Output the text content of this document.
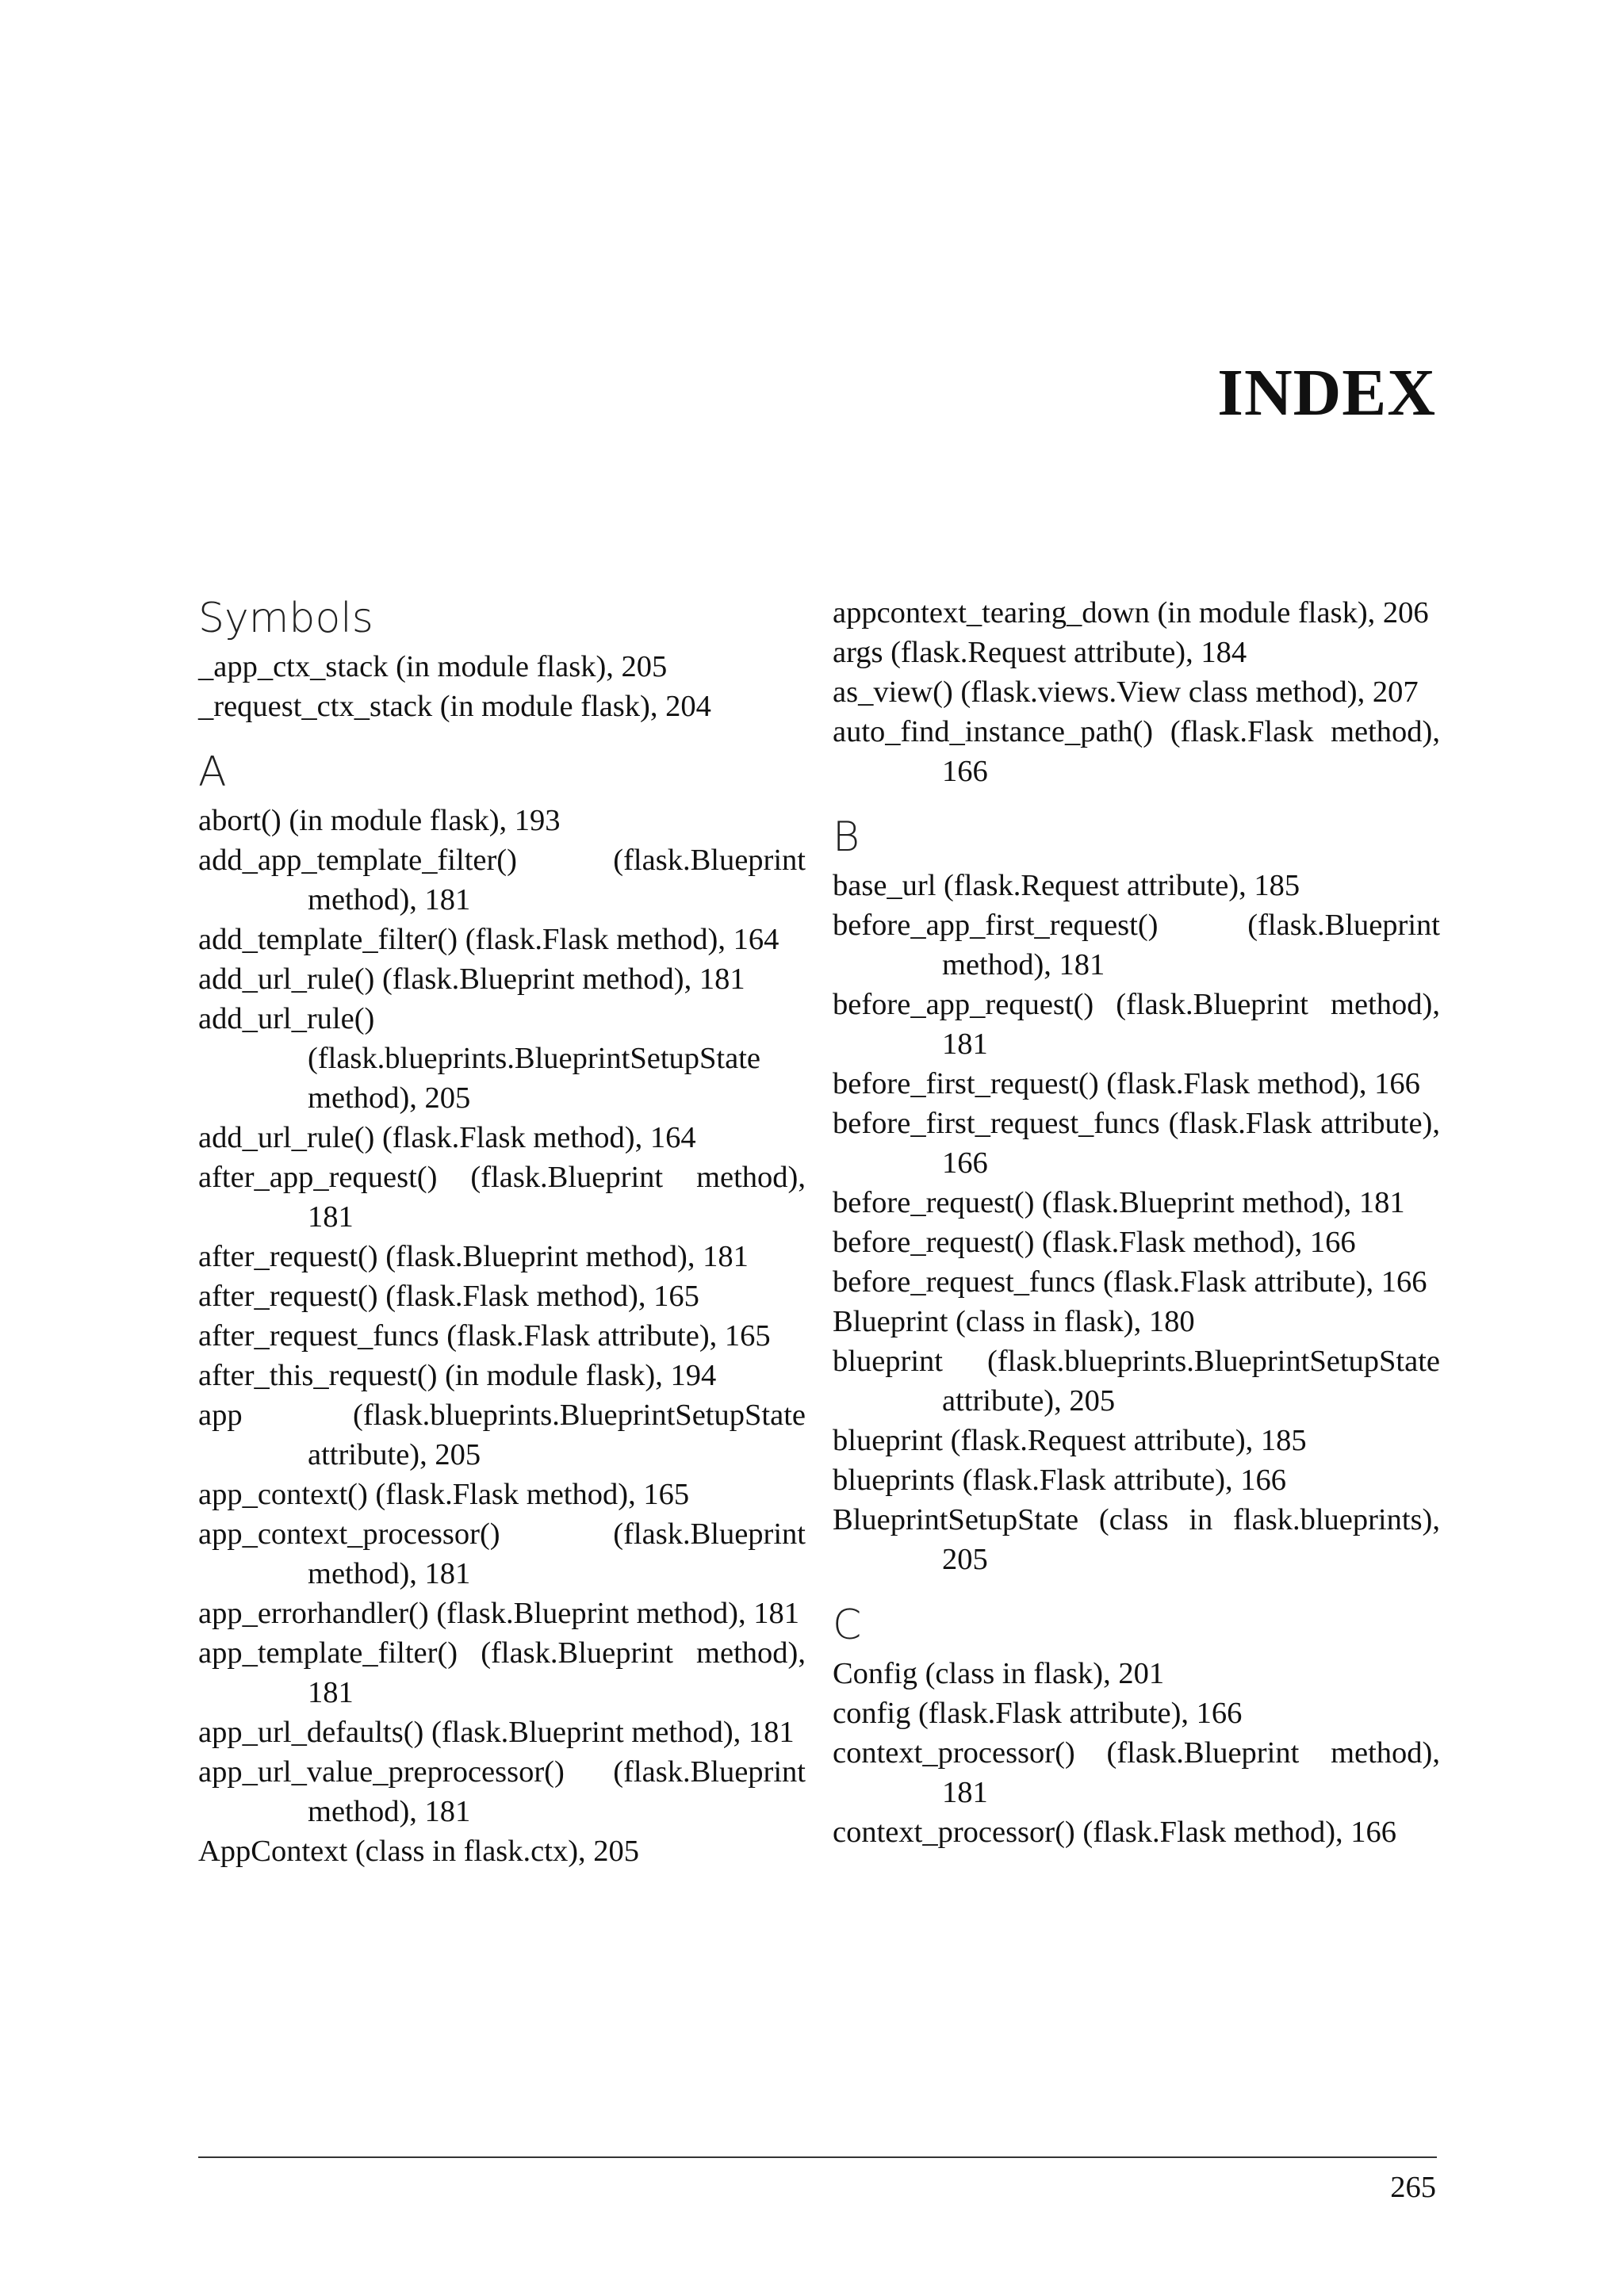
INDEX
Symbols
_app_ctx_stack (in module flask), 205
_request_ctx_stack (in module flask), 204
A
abort() (in module flask), 193
add_app_template_filter() (flask.Blueprint method), 181
add_template_filter() (flask.Flask method), 164
add_url_rule() (flask.Blueprint method), 181
add_url_rule() (flask.blueprints.BlueprintSetupState method), 205
add_url_rule() (flask.Flask method), 164
after_app_request() (flask.Blueprint method), 181
after_request() (flask.Blueprint method), 181
after_request() (flask.Flask method), 165
after_request_funcs (flask.Flask attribute), 165
after_this_request() (in module flask), 194
app (flask.blueprints.BlueprintSetupState attribute), 205
app_context() (flask.Flask method), 165
app_context_processor() (flask.Blueprint method), 181
app_errorhandler() (flask.Blueprint method), 181
app_template_filter() (flask.Blueprint method), 181
app_url_defaults() (flask.Blueprint method), 181
app_url_value_preprocessor() (flask.Blueprint method), 181
AppContext (class in flask.ctx), 205
appcontext_tearing_down (in module flask), 206
args (flask.Request attribute), 184
as_view() (flask.views.View class method), 207
auto_find_instance_path() (flask.Flask method), 166
B
base_url (flask.Request attribute), 185
before_app_first_request() (flask.Blueprint method), 181
before_app_request() (flask.Blueprint method), 181
before_first_request() (flask.Flask method), 166
before_first_request_funcs (flask.Flask attribute), 166
before_request() (flask.Blueprint method), 181
before_request() (flask.Flask method), 166
before_request_funcs (flask.Flask attribute), 166
Blueprint (class in flask), 180
blueprint (flask.blueprints.BlueprintSetupState attribute), 205
blueprint (flask.Request attribute), 185
blueprints (flask.Flask attribute), 166
BlueprintSetupState (class in flask.blueprints), 205
C
Config (class in flask), 201
config (flask.Flask attribute), 166
context_processor() (flask.Blueprint method), 181
context_processor() (flask.Flask method), 166
265
